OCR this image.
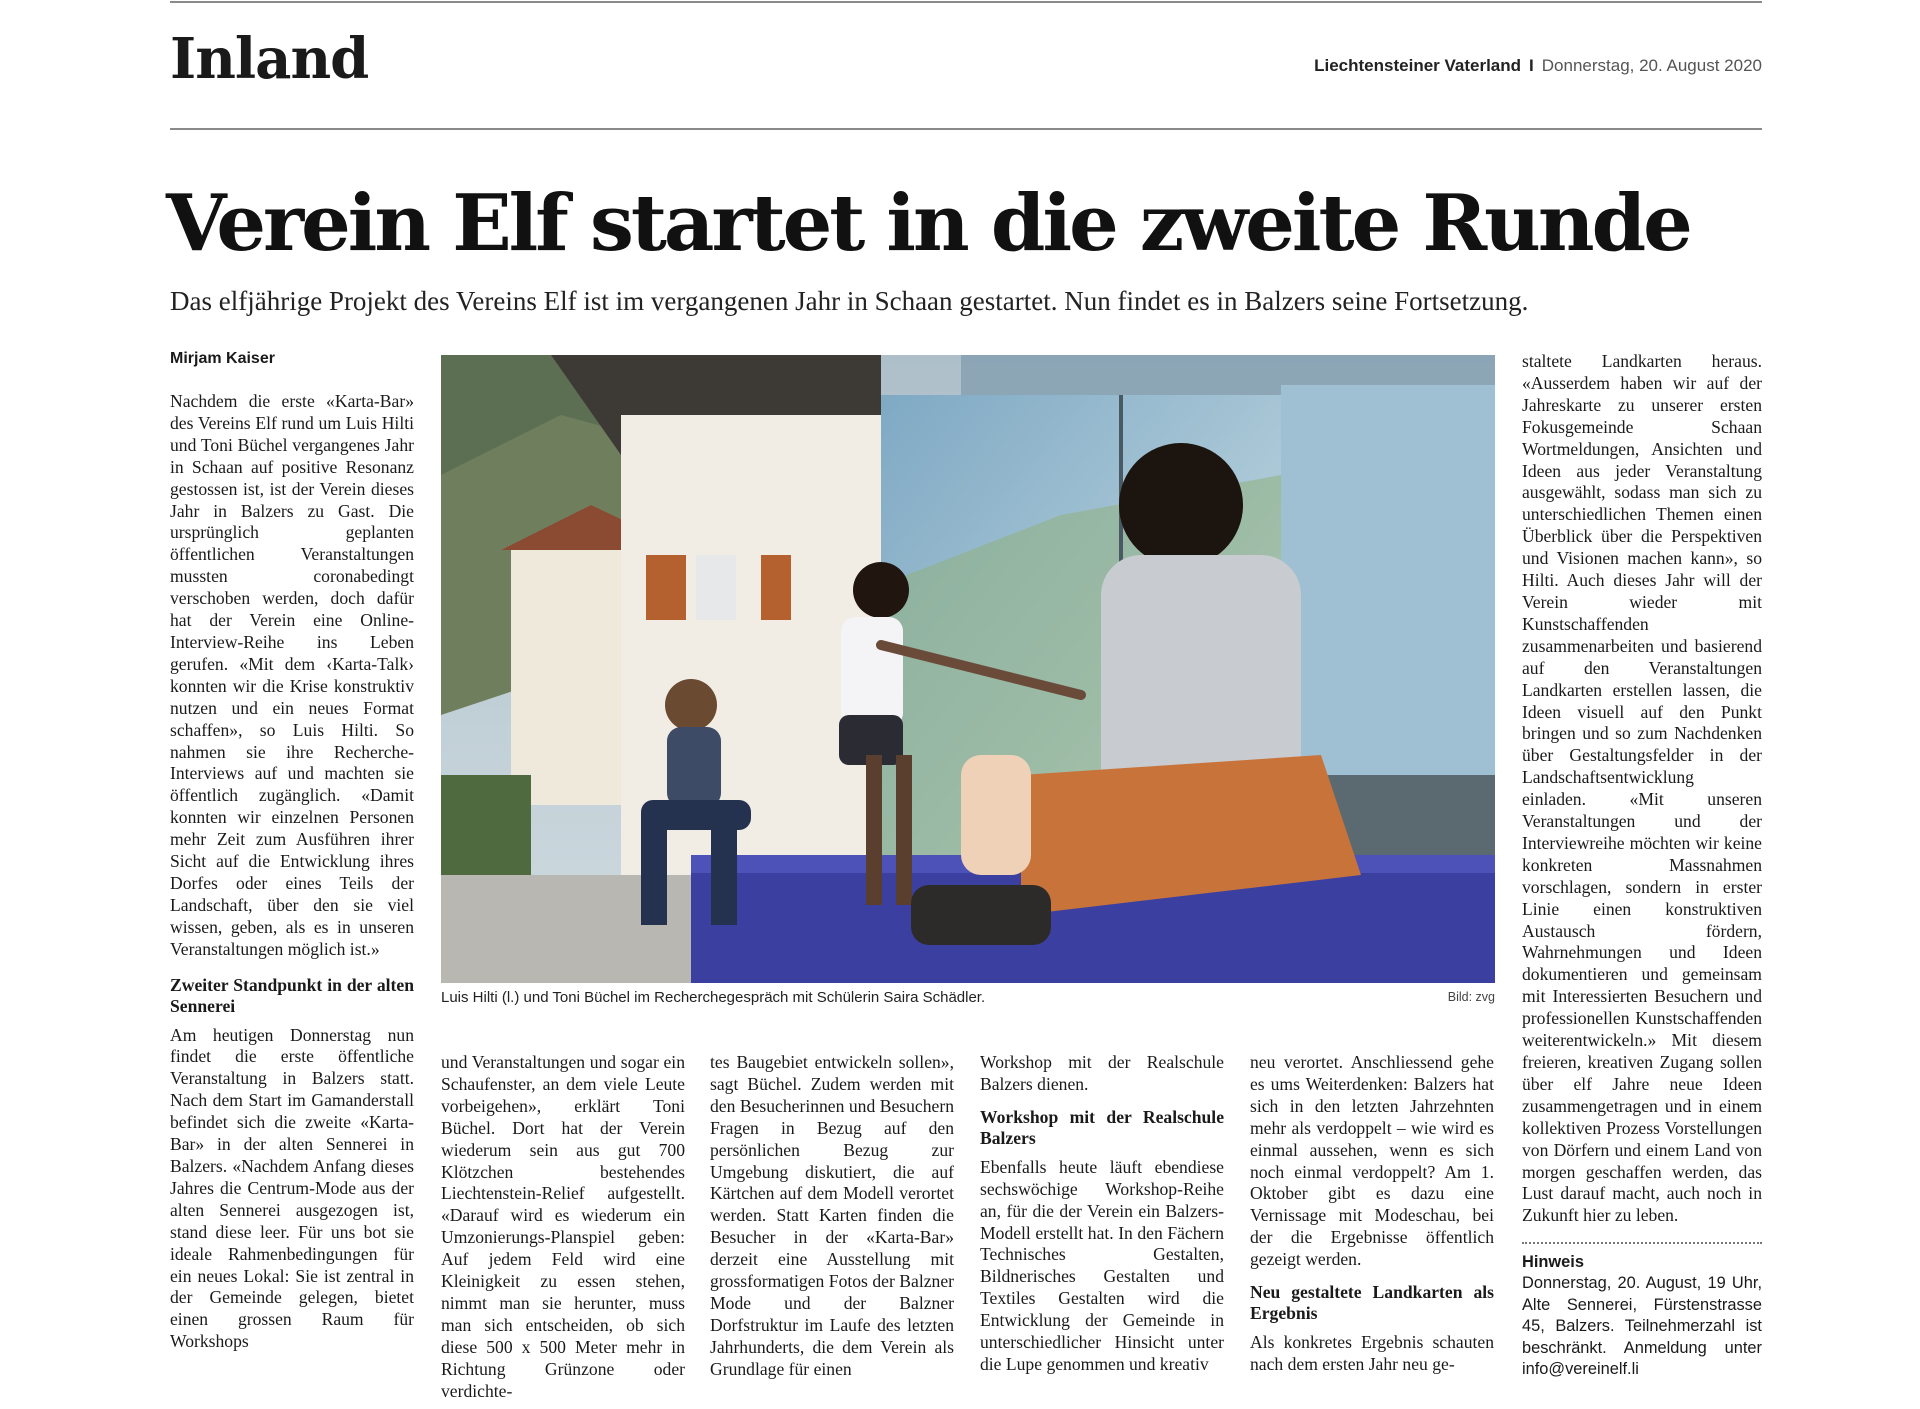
Inland	Liechtensteiner Vaterland I Donnerstag, 20. August 2020
Verein Elf startet in die zweite Runde

Das elfjährige Projekt des Vereins Elf ist im vergangenen Jahr in Schaan gestartet. Nun findet es in Balzers seine Fortsetzung.

Mirjam Kaiser

Nachdem die erste «Karta-Bar» des Vereins Elf rund um Luis Hilti und Toni Büchel vergangenes Jahr in Schaan auf positive Resonanz gestossen ist, ist der Verein dieses Jahr in Balzers zu Gast. Die ursprünglich geplanten öffentlichen Veranstaltungen mussten coronabedingt verschoben werden, doch dafür hat der Verein eine Online-Interview-Reihe ins Leben gerufen. «Mit dem ‹Karta-Talk› konnten wir die Krise konstruktiv nutzen und ein neues Format schaffen», so Luis Hilti. So nahmen sie ihre Recherche-Interviews auf und machten sie öffentlich zugänglich. «Damit konnten wir einzelnen Personen mehr Zeit zum Ausführen ihrer Sicht auf die Entwicklung ihres Dorfes oder eines Teils der Landschaft, über den sie viel wissen, geben, als es in unseren Veranstaltungen möglich ist.»

Zweiter Standpunkt in der alten Sennerei

Am heutigen Donnerstag nun findet die erste öffentliche Veranstaltung in Balzers statt. Nach dem Start im Gamanderstall befindet sich die zweite «Karta-Bar» in der alten Sennerei in Balzers. «Nachdem Anfang dieses Jahres die Centrum-Mode aus der alten Sennerei ausgezogen ist, stand diese leer. Für uns bot sie ideale Rahmenbedingungen für ein neues Lokal: Sie ist zentral in der Gemeinde gelegen, bietet einen grossen Raum für Workshops

Luis Hilti (l.) und Toni Büchel im Recherchegespräch mit Schülerin Saira Schädler.	Bild: zvg

und Veranstaltungen und sogar ein Schaufenster, an dem viele Leute vorbeigehen», erklärt Toni Büchel. Dort hat der Verein wiederum sein aus gut 700 Klötzchen bestehendes Liechtenstein-Relief aufgestellt. «Darauf wird es wiederum ein Umzonierungs-Planspiel geben: Auf jedem Feld wird eine Kleinigkeit zu essen stehen, nimmt man sie herunter, muss man sich entscheiden, ob sich diese 500 x 500 Meter mehr in Richtung Grünzone oder verdichte-

tes Baugebiet entwickeln sollen», sagt Büchel. Zudem werden mit den Besucherinnen und Besuchern Fragen in Bezug auf den persönlichen Bezug zur Umgebung diskutiert, die auf Kärtchen auf dem Modell verortet werden. Statt Karten finden die Besucher in der «Karta-Bar» derzeit eine Ausstellung mit grossformatigen Fotos der Balzner Mode und der Balzner Dorfstruktur im Laufe des letzten Jahrhunderts, die dem Verein als Grundlage für einen

Workshop mit der Realschule Balzers dienen.

Workshop mit der Realschule Balzers

Ebenfalls heute läuft ebendiese sechswöchige Workshop-Reihe an, für die der Verein ein Balzers-Modell erstellt hat. In den Fächern Technisches Gestalten, Bildnerisches Gestalten und Textiles Gestalten wird die Entwicklung der Gemeinde in unterschiedlicher Hinsicht unter die Lupe genommen und kreativ

neu verortet. Anschliessend gehe es ums Weiterdenken: Balzers hat sich in den letzten Jahrzehnten mehr als verdoppelt – wie wird es einmal aussehen, wenn es sich noch einmal verdoppelt? Am 1. Oktober gibt es dazu eine Vernissage mit Modeschau, bei der die Ergebnisse öffentlich gezeigt werden.

Neu gestaltete Landkarten als Ergebnis

Als konkretes Ergebnis schauten nach dem ersten Jahr neu ge-

staltete Landkarten heraus. «Ausserdem haben wir auf der Jahreskarte zu unserer ersten Fokusgemeinde Schaan Wortmeldungen, Ansichten und Ideen aus jeder Veranstaltung ausgewählt, sodass man sich zu unterschiedlichen Themen einen Überblick über die Perspektiven und Visionen machen kann», so Hilti. Auch dieses Jahr will der Verein wieder mit Kunstschaffenden zusammenarbeiten und basierend auf den Veranstaltungen Landkarten erstellen lassen, die Ideen visuell auf den Punkt bringen und so zum Nachdenken über Gestaltungsfelder in der Landschaftsentwicklung einladen. «Mit unseren Veranstaltungen und der Interviewreihe möchten wir keine konkreten Massnahmen vorschlagen, sondern in erster Linie einen konstruktiven Austausch fördern, Wahrnehmungen und Ideen dokumentieren und gemeinsam mit Interessierten Besuchern und professionellen Kunstschaffenden weiterentwickeln.» Mit diesem freieren, kreativen Zugang sollen über elf Jahre neue Ideen zusammengetragen und in einem kollektiven Prozess Vorstellungen von Dörfern und einem Land von morgen geschaffen werden, das Lust darauf macht, auch noch in Zukunft hier zu leben.

Hinweis

Donnerstag, 20. August, 19 Uhr, Alte Sennerei, Fürstenstrasse 45, Balzers. Teilnehmerzahl ist beschränkt. Anmeldung unter info@vereinelf.li
